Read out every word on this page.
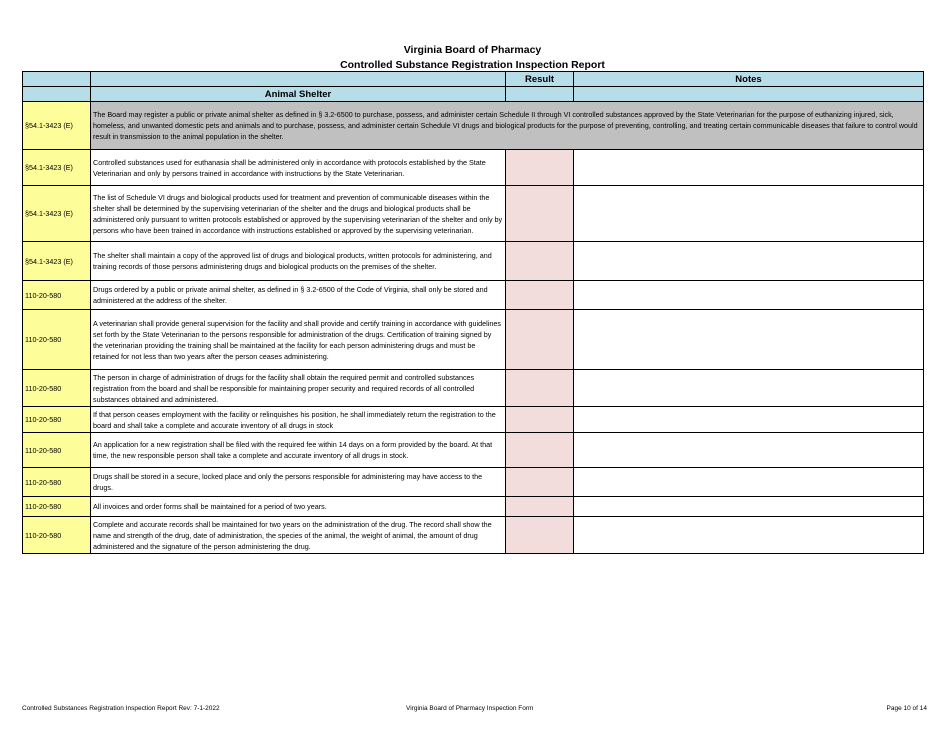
Virginia Board of Pharmacy
Controlled Substance Registration Inspection Report
		Result	Notes
	Animal Shelter		
§54.1-3423 (E)	The Board may register a public or private animal shelter as defined in § 3.2-6500 to purchase, possess, and administer certain Schedule II through VI controlled substances approved by the State Veterinarian for the purpose of euthanizing injured, sick, homeless, and unwanted domestic pets and animals and to purchase, possess, and administer certain Schedule VI drugs and biological products for the purpose of preventing, controlling, and treating certain communicable diseases that failure to control would result in transmission to the animal population in the shelter.		
§54.1-3423 (E)	Controlled substances used for euthanasia shall be administered only in accordance with protocols established by the State Veterinarian and only by persons trained in accordance with instructions by the State Veterinarian.		
§54.1-3423 (E)	The list of Schedule VI drugs and biological products used for treatment and prevention of communicable diseases within the shelter shall be determined by the supervising veterinarian of the shelter and the drugs and biological products shall be administered only pursuant to written protocols established or approved by the supervising veterinarian of the shelter and only by persons who have been trained in accordance with instructions established or approved by the supervising veterinarian.		
§54.1-3423 (E)	The shelter shall maintain a copy of the approved list of drugs and biological products, written protocols for administering, and training records of those persons administering drugs and biological products on the premises of the shelter.		
110-20-580	Drugs ordered by a public or private animal shelter, as defined in § 3.2-6500 of the Code of Virginia, shall only be stored and administered at the address of the shelter.		
110-20-580	A veterinarian shall provide general supervision for the facility and shall provide and certify training in accordance with guidelines set forth by the State Veterinarian to the persons responsible for administration of the drugs. Certification of training signed by the veterinarian providing the training shall be maintained at the facility for each person administering drugs and must be retained for not less than two years after the person ceases administering.		
110-20-580	The person in charge of administration of drugs for the facility shall obtain the required permit and controlled substances registration from the board and shall be responsible for maintaining proper security and required records of all controlled substances obtained and administered.		
110-20-580	If that person ceases employment with the facility or relinquishes his position, he shall immediately return the registration to the board and shall take a complete and accurate inventory of all drugs in stock		
110-20-580	An application for a new registration shall be filed with the required fee within 14 days on a form provided by the board. At that time, the new responsible person shall take a complete and accurate inventory of all drugs in stock.		
110-20-580	Drugs shall be stored in a secure, locked place and only the persons responsible for administering may have access to the drugs.		
110-20-580	All invoices and order forms shall be maintained for a period of two years.		
110-20-580	Complete and accurate records shall be maintained for two years on the administration of the drug. The record shall show the name and strength of the drug, date of administration, the species of the animal, the weight of animal, the amount of drug administered and the signature of the person administering the drug.		
Controlled Substances Registration Inspection Report Rev: 7-1-2022	Virginia Board of Pharmacy Inspection Form	Page 10 of 14
